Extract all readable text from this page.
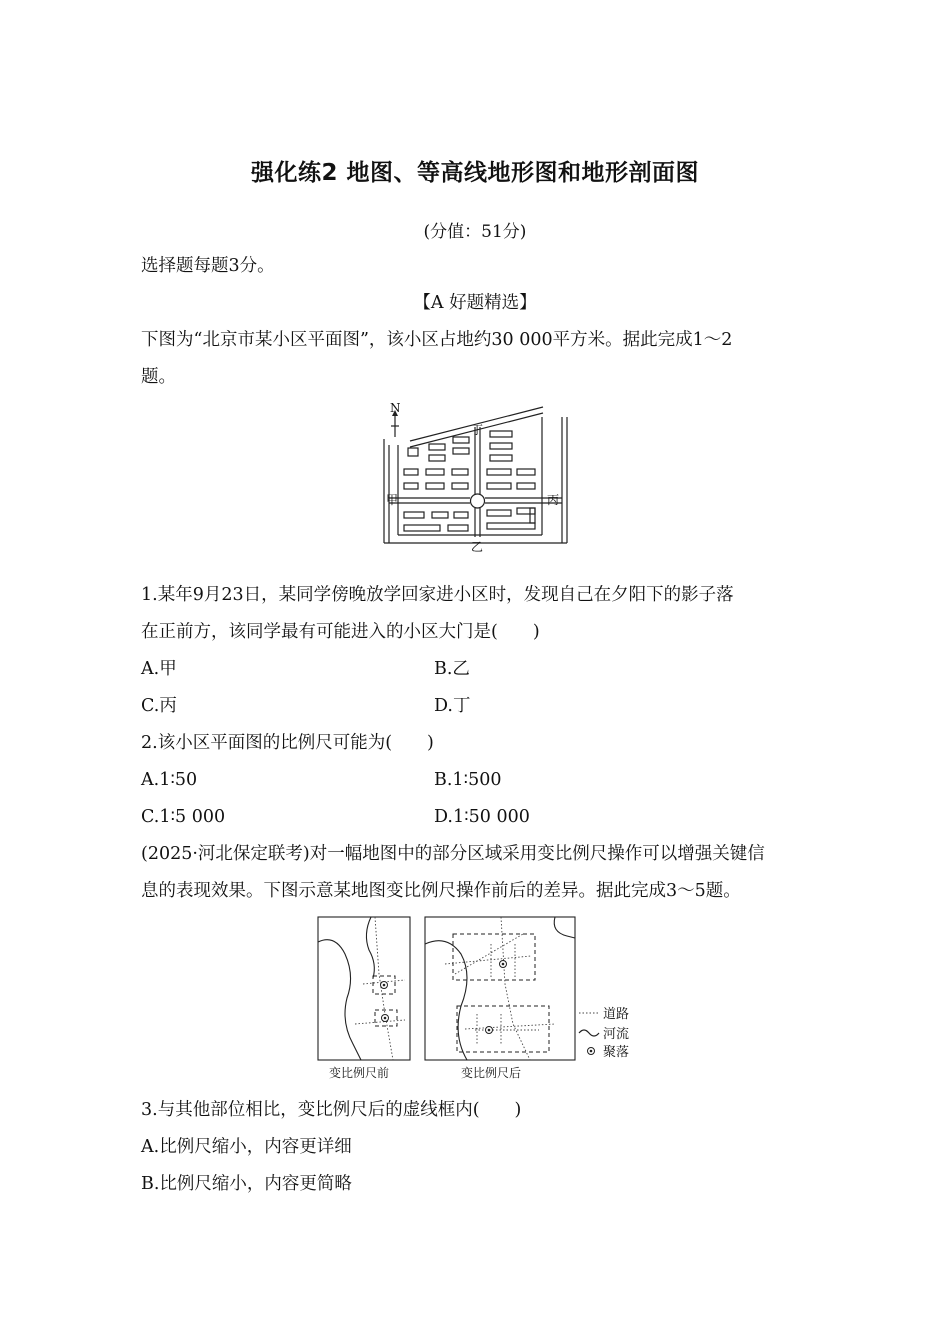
强化练2 地图、等高线地形图和地形剖面图
(分值：51分)
选择题每题3分。
【A 好题精选】
下图为“北京市某小区平面图”，该小区占地约30 000平方米。据此完成1～2
题。
N
甲
乙
丙
丁
1.某年9月23日，某同学傍晚放学回家进小区时，发现自己在夕阳下的影子落
在正前方，该同学最有可能进入的小区大门是(　　)
A.甲	B.乙
C.丙	D.丁
2.该小区平面图的比例尺可能为(　　)
A.1∶50	B.1∶500
C.1∶5 000	D.1∶50 000
(2025·河北保定联考)对一幅地图中的部分区域采用变比例尺操作可以增强关键信
息的表现效果。下图示意某地图变比例尺操作前后的差异。据此完成3～5题。
道路
河流
聚落
变比例尺前	变比例尺后
3.与其他部位相比，变比例尺后的虚线框内(　　)
A.比例尺缩小，内容更详细
B.比例尺缩小，内容更简略
